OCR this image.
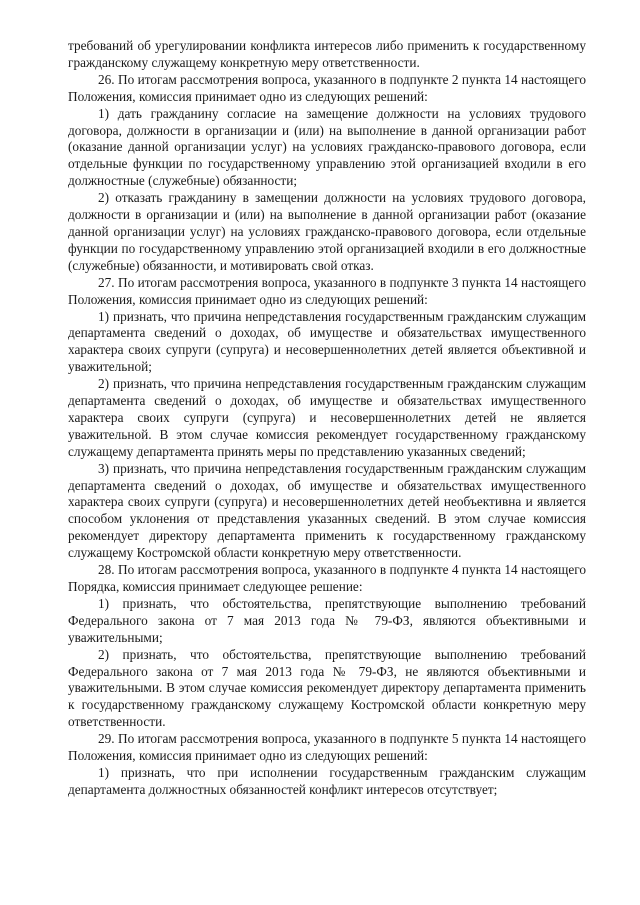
требований об урегулировании конфликта интересов либо применить к государственному гражданскому служащему конкретную меру ответственности.

26. По итогам рассмотрения вопроса, указанного в подпункте 2 пункта 14 настоящего Положения, комиссия принимает одно из следующих решений:

1) дать гражданину согласие на замещение должности на условиях трудового договора, должности в организации и (или) на выполнение в данной организации работ (оказание данной организации услуг) на условиях гражданско-правового договора, если отдельные функции по государственному управлению этой организацией входили в его должностные (служебные) обязанности;

2) отказать гражданину в замещении должности на условиях трудового договора, должности в организации и (или) на выполнение в данной организации работ (оказание данной организации услуг) на условиях гражданско-правового договора, если отдельные функции по государственному управлению этой организацией входили в его должностные (служебные) обязанности, и мотивировать свой отказ.

27. По итогам рассмотрения вопроса, указанного в подпункте 3 пункта 14 настоящего Положения, комиссия принимает одно из следующих решений:

1) признать, что причина непредставления государственным гражданским служащим департамента сведений о доходах, об имуществе и обязательствах имущественного характера своих супруги (супруга) и несовершеннолетних детей является объективной и уважительной;

2) признать, что причина непредставления государственным гражданским служащим департамента сведений о доходах, об имуществе и обязательствах имущественного характера своих супруги (супруга) и несовершеннолетних детей не является уважительной. В этом случае комиссия рекомендует государственному гражданскому служащему департамента принять меры по представлению указанных сведений;

3) признать, что причина непредставления государственным гражданским служащим департамента сведений о доходах, об имуществе и обязательствах имущественного характера своих супруги (супруга) и несовершеннолетних детей необъективна и является способом уклонения от представления указанных сведений. В этом случае комиссия рекомендует директору департамента применить к государственному гражданскому служащему Костромской области конкретную меру ответственности.

28. По итогам рассмотрения вопроса, указанного в подпункте 4 пункта 14 настоящего Порядка, комиссия принимает следующее решение:

1) признать, что обстоятельства, препятствующие выполнению требований Федерального закона от 7 мая 2013 года № 79-ФЗ, являются объективными и уважительными;

2) признать, что обстоятельства, препятствующие выполнению требований Федерального закона от 7 мая 2013 года № 79-ФЗ, не являются объективными и уважительными. В этом случае комиссия рекомендует директору департамента применить к государственному гражданскому служащему Костромской области конкретную меру ответственности.

29. По итогам рассмотрения вопроса, указанного в подпункте 5 пункта 14 настоящего Положения, комиссия принимает одно из следующих решений:

1) признать, что при исполнении государственным гражданским служащим департамента должностных обязанностей конфликт интересов отсутствует;
